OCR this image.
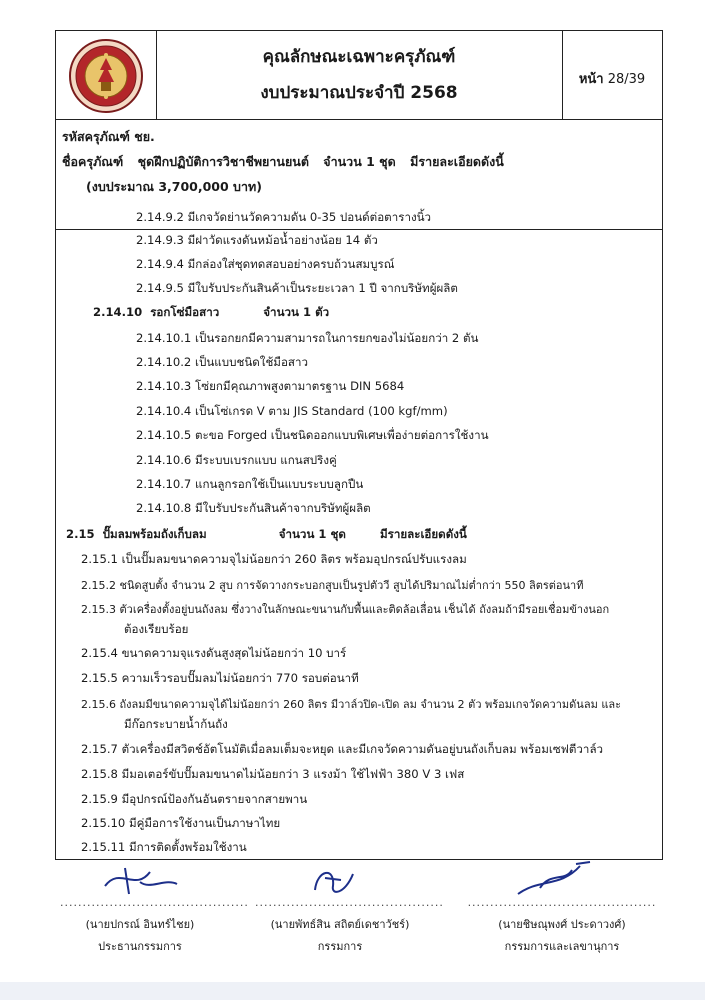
คุณลักษณะเฉพาะครุภัณฑ์
งบประมาณประจำปี 2568
หน้า 28/39
รหัสครุภัณฑ์ ชย.
ชื่อครุภัณฑ์ ชุดฝึกปฏิบัติการวิชาชีพยานยนต์ จำนวน 1 ชุด มีรายละเอียดดังนี้
(งบประมาณ 3,700,000 บาท)
2.14.9.2 มีเกจวัดย่านวัดความดัน 0-35 ปอนด์ต่อตารางนิ้ว
2.14.9.3 มีฝาวัดแรงดันหม้อน้ำอย่างน้อย 14 ตัว
2.14.9.4 มีกล่องใส่ชุดทดสอบอย่างครบถ้วนสมบูรณ์
2.14.9.5 มีใบรับประกันสินค้าเป็นระยะเวลา 1 ปี จากบริษัทผู้ผลิต
2.14.10 รอกโซ่มือสาว	จำนวน 1 ตัว
2.14.10.1 เป็นรอกยกมีความสามารถในการยกของไม่น้อยกว่า 2 ตัน
2.14.10.2 เป็นแบบชนิดใช้มือสาว
2.14.10.3 โซ่ยกมีคุณภาพสูงตามาตรฐาน DIN 5684
2.14.10.4 เป็นโซ่เกรด V ตาม JIS Standard (100 kgf/mm)
2.14.10.5 ตะขอ Forged เป็นชนิดออกแบบพิเศษเพื่อง่ายต่อการใช้งาน
2.14.10.6 มีระบบเบรกแบบ แกนสปริงคู่
2.14.10.7 แกนลูกรอกใช้เป็นแบบระบบลูกปืน
2.14.10.8 มีใบรับประกันสินค้าจากบริษัทผู้ผลิต
2.15 ปั๊มลมพร้อมถังเก็บลม	จำนวน 1 ชุด	มีรายละเอียดดังนี้
2.15.1 เป็นปั๊มลมขนาดความจุไม่น้อยกว่า 260 ลิตร พร้อมอุปกรณ์ปรับแรงลม
2.15.2 ชนิดสูบตั้ง จำนวน 2 สูบ การจัดวางกระบอกสูบเป็นรูปตัววี สูบได้ปริมาณไม่ต่ำกว่า 550 ลิตรต่อนาที
2.15.3 ตัวเครื่องตั้งอยู่บนถังลม ซึ่งวางในลักษณะขนานกับพื้นและติดล้อเลื่อน เช็นได้ ถังลมถ้ามีรอยเชื่อมข้างนอก
ต้องเรียบร้อย
2.15.4 ขนาดความจุแรงดันสูงสุดไม่น้อยกว่า 10 บาร์
2.15.5 ความเร็วรอบปั๊มลมไม่น้อยกว่า 770 รอบต่อนาที
2.15.6 ถังลมมีขนาดความจุได้ไม่น้อยกว่า 260 ลิตร มีวาล์วปิด-เปิด ลม จำนวน 2 ตัว พร้อมเกจวัดความดันลม และ
มีก๊อกระบายน้ำก้นถัง
2.15.7 ตัวเครื่องมีสวิตช์อัตโนมัติเมื่อลมเต็มจะหยุด และมีเกจวัดความดันอยู่บนถังเก็บลม พร้อมเซฟตีวาล์ว
2.15.8 มีมอเตอร์ขับปั๊มลมขนาดไม่น้อยกว่า 3 แรงม้า ใช้ไฟฟ้า 380 V 3 เฟส
2.15.9 มีอุปกรณ์ป้องกันอันตรายจากสายพาน
2.15.10 มีคู่มือการใช้งานเป็นภาษาไทย
2.15.11 มีการติดตั้งพร้อมใช้งาน
..........................................
(นายปกรณ์ อินทร์ไชย)
ประธานกรรมการ
..........................................
(นายพัทธ์สิน สถิตย์เดชาวัชร์)
กรรมการ
..........................................
(นายชิษณุพงศ์ ประดาวงศ์)
กรรมการและเลขานุการ
